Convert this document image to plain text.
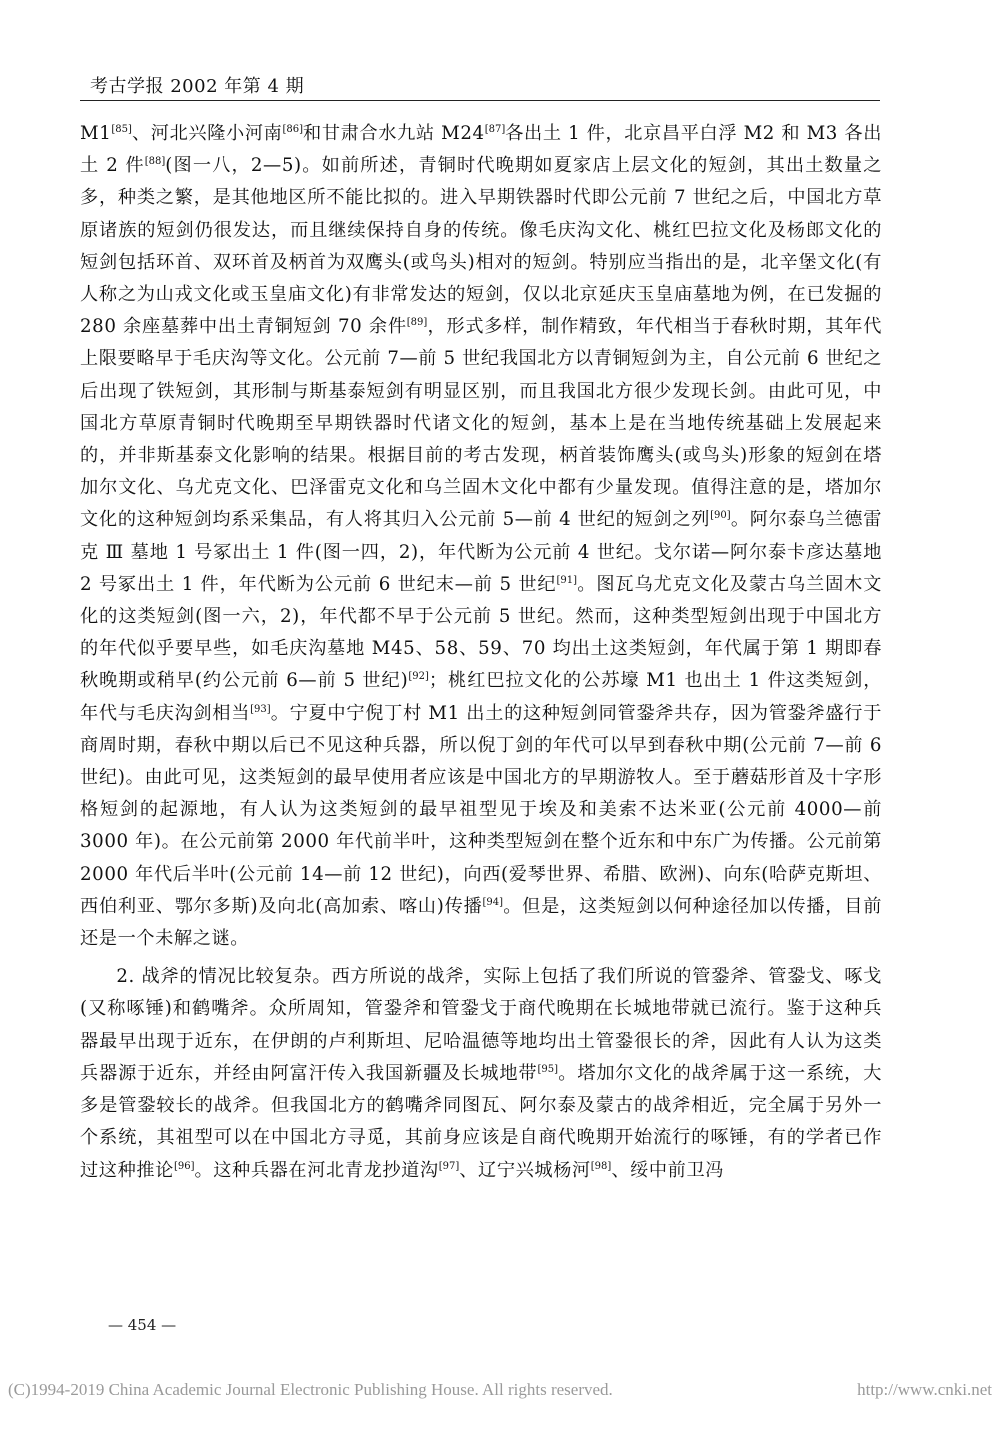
考古学报 2002 年第 4 期

M1[85]、河北兴隆小河南[86]和甘肃合水九站 M24[87]各出土 1 件，北京昌平白浮 M2 和 M3 各出土 2 件[88](图一八，2—5)。如前所述，青铜时代晚期如夏家店上层文化的短剑，其出土数量之多，种类之繁，是其他地区所不能比拟的。进入早期铁器时代即公元前 7 世纪之后，中国北方草原诸族的短剑仍很发达，而且继续保持自身的传统。像毛庆沟文化、桃红巴拉文化及杨郎文化的短剑包括环首、双环首及柄首为双鹰头(或鸟头)相对的短剑。特别应当指出的是，北辛堡文化(有人称之为山戎文化或玉皇庙文化)有非常发达的短剑，仅以北京延庆玉皇庙墓地为例，在已发掘的 280 余座墓葬中出土青铜短剑 70 余件[89]，形式多样，制作精致，年代相当于春秋时期，其年代上限要略早于毛庆沟等文化。公元前 7—前 5 世纪我国北方以青铜短剑为主，自公元前 6 世纪之后出现了铁短剑，其形制与斯基泰短剑有明显区别，而且我国北方很少发现长剑。由此可见，中国北方草原青铜时代晚期至早期铁器时代诸文化的短剑，基本上是在当地传统基础上发展起来的，并非斯基泰文化影响的结果。根据目前的考古发现，柄首装饰鹰头(或鸟头)形象的短剑在塔加尔文化、乌尤克文化、巴泽雷克文化和乌兰固木文化中都有少量发现。值得注意的是，塔加尔文化的这种短剑均系采集品，有人将其归入公元前 5—前 4 世纪的短剑之列[90]。阿尔泰乌兰德雷克 Ⅲ 墓地 1 号冢出土 1 件(图一四，2)，年代断为公元前 4 世纪。戈尔诺—阿尔泰卡彦达墓地 2 号冢出土 1 件，年代断为公元前 6 世纪末—前 5 世纪[91]。图瓦乌尤克文化及蒙古乌兰固木文化的这类短剑(图一六，2)，年代都不早于公元前 5 世纪。然而，这种类型短剑出现于中国北方的年代似乎要早些，如毛庆沟墓地 M45、58、59、70 均出土这类短剑，年代属于第 1 期即春秋晚期或稍早(约公元前 6—前 5 世纪)[92]；桃红巴拉文化的公苏壕 M1 也出土 1 件这类短剑，年代与毛庆沟剑相当[93]。宁夏中宁倪丁村 M1 出土的这种短剑同管銎斧共存，因为管銎斧盛行于商周时期，春秋中期以后已不见这种兵器，所以倪丁剑的年代可以早到春秋中期(公元前 7—前 6 世纪)。由此可见，这类短剑的最早使用者应该是中国北方的早期游牧人。至于蘑菇形首及十字形格短剑的起源地，有人认为这类短剑的最早祖型见于埃及和美索不达米亚(公元前 4000—前 3000 年)。在公元前第 2000 年代前半叶，这种类型短剑在整个近东和中东广为传播。公元前第 2000 年代后半叶(公元前 14—前 12 世纪)，向西(爱琴世界、希腊、欧洲)、向东(哈萨克斯坦、西伯利亚、鄂尔多斯)及向北(高加索、喀山)传播[94]。但是，这类短剑以何种途径加以传播，目前还是一个未解之谜。

2. 战斧的情况比较复杂。西方所说的战斧，实际上包括了我们所说的管銎斧、管銎戈、啄戈(又称啄锤)和鹤嘴斧。众所周知，管銎斧和管銎戈于商代晚期在长城地带就已流行。鉴于这种兵器最早出现于近东，在伊朗的卢利斯坦、尼哈温德等地均出土管銎很长的斧，因此有人认为这类兵器源于近东，并经由阿富汗传入我国新疆及长城地带[95]。塔加尔文化的战斧属于这一系统，大多是管銎较长的战斧。但我国北方的鹤嘴斧同图瓦、阿尔泰及蒙古的战斧相近，完全属于另外一个系统，其祖型可以在中国北方寻觅，其前身应该是自商代晚期开始流行的啄锤，有的学者已作过这种推论[96]。这种兵器在河北青龙抄道沟[97]、辽宁兴城杨河[98]、绥中前卫冯

— 454 —
(C)1994-2019 China Academic Journal Electronic Publishing House. All rights reserved.	http://www.cnki.net
